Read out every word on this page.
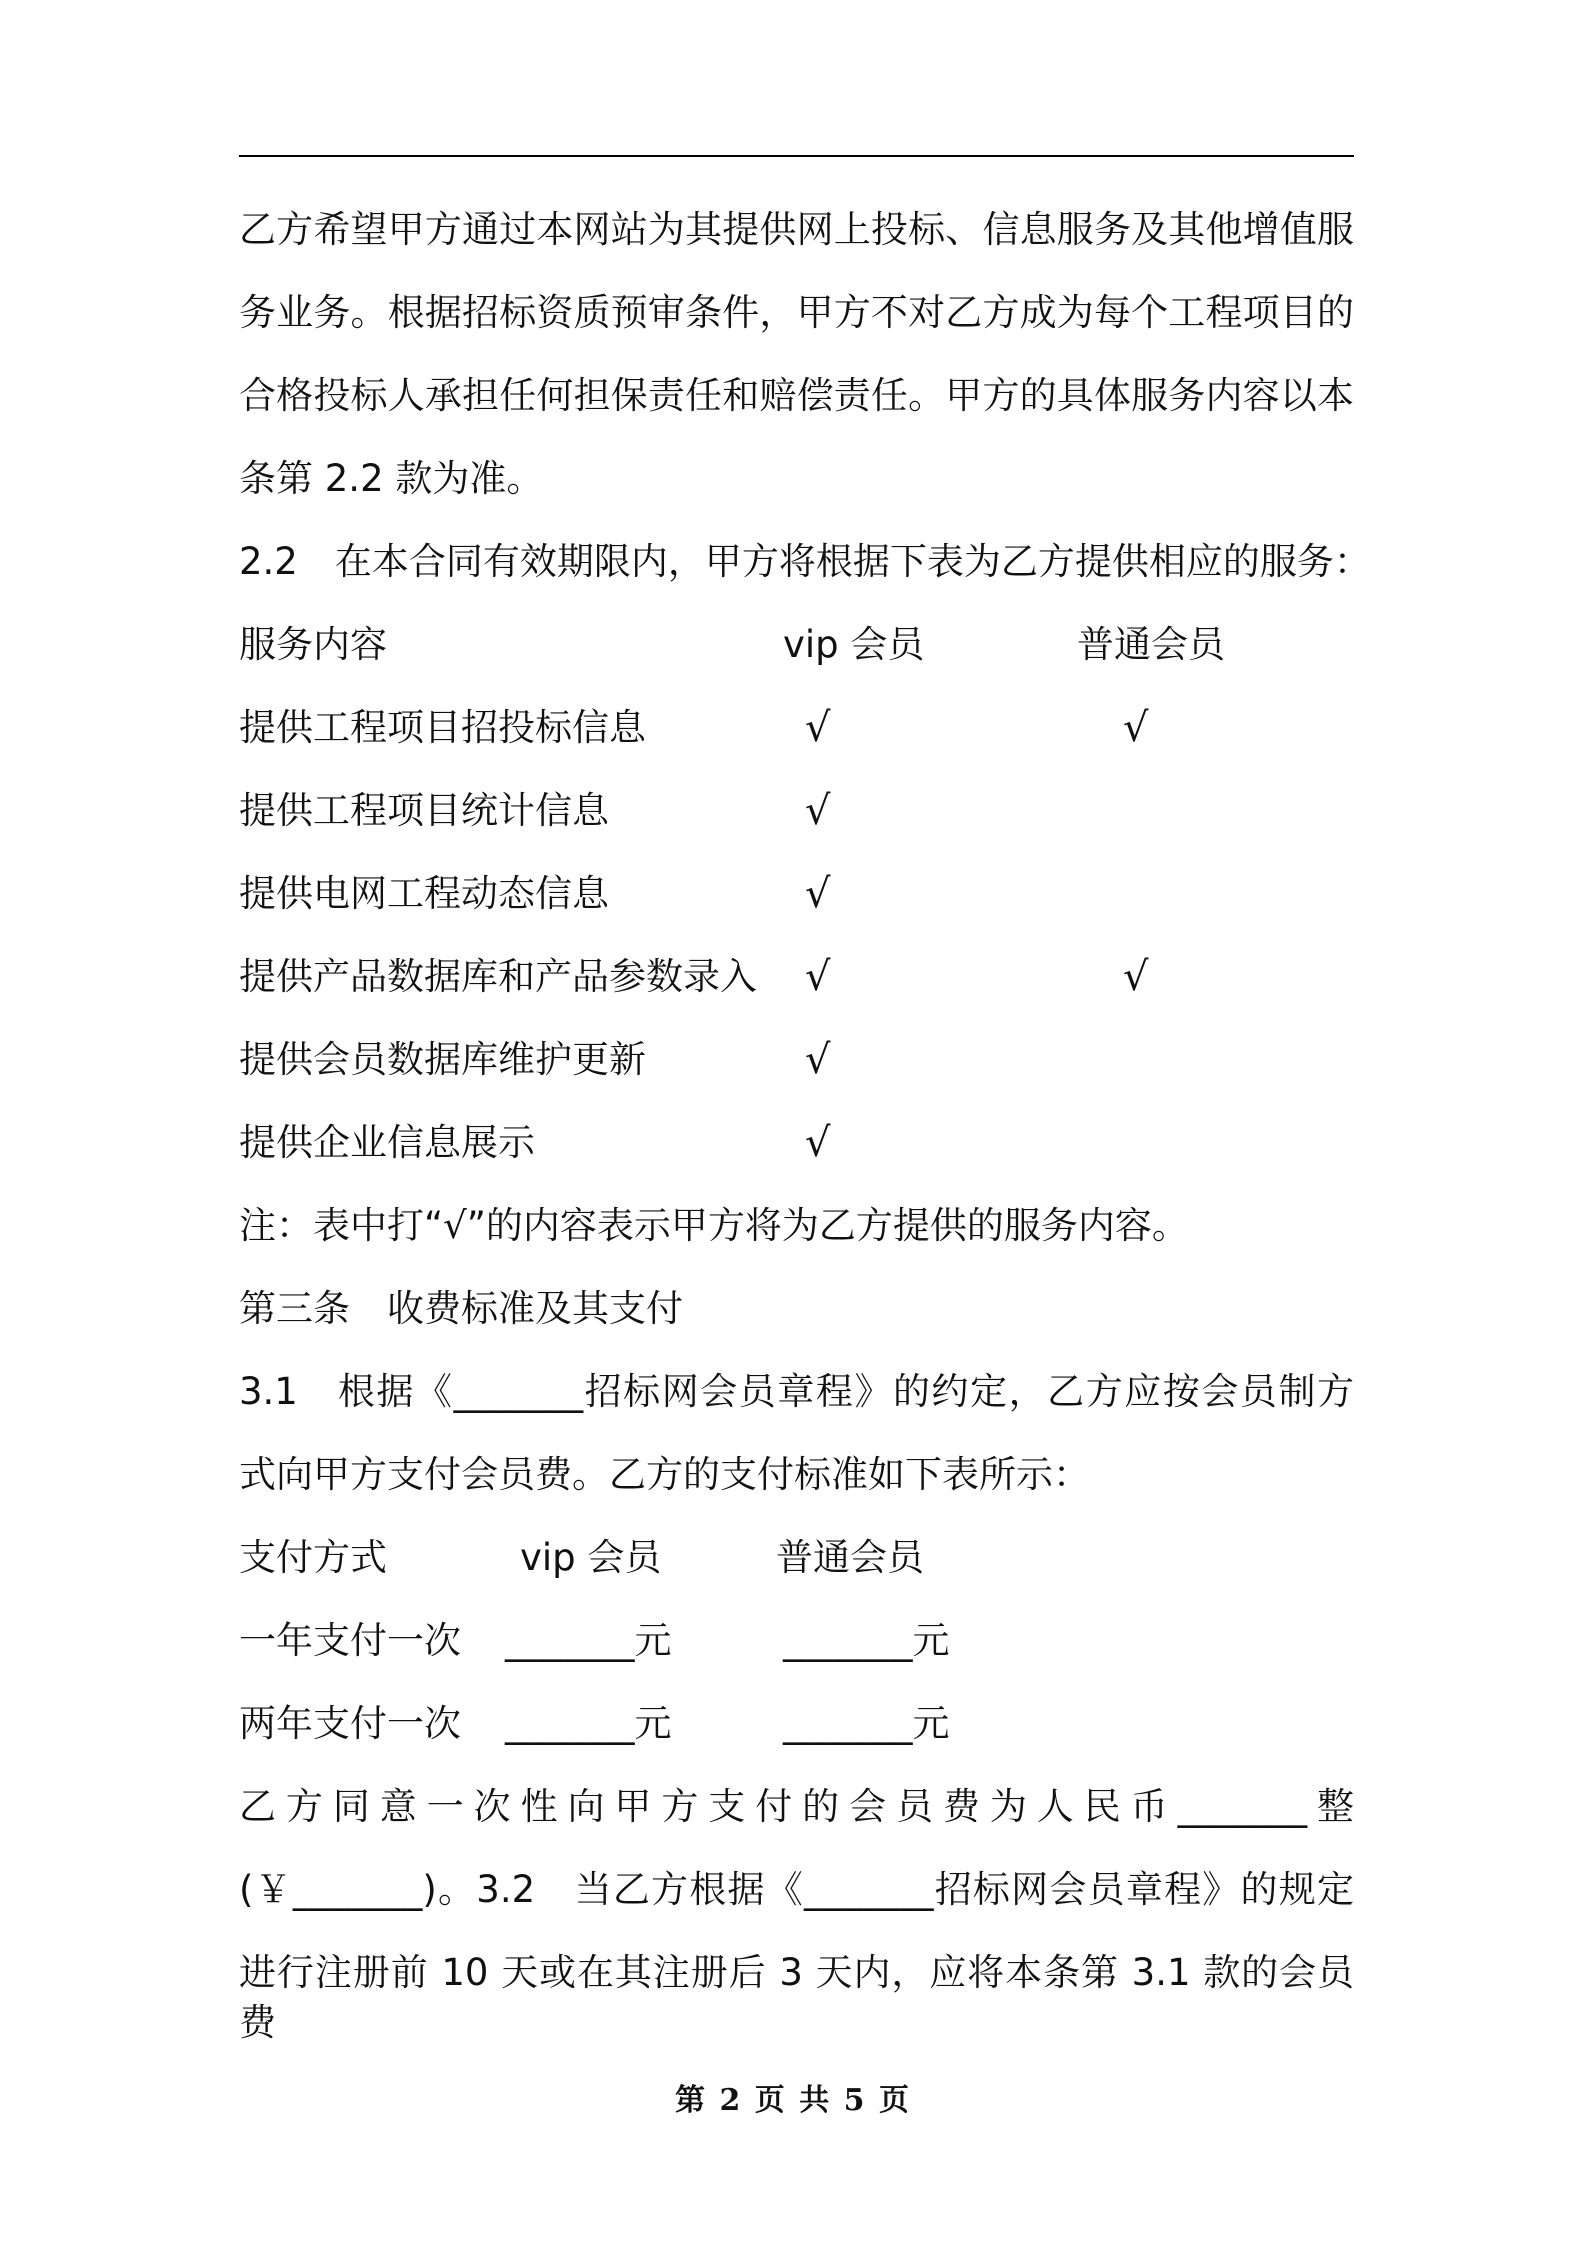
乙方希望甲方通过本网站为其提供网上投标、信息服务及其他增值服
务业务。根据招标资质预审条件，甲方不对乙方成为每个工程项目的
合格投标人承担任何担保责任和赔偿责任。甲方的具体服务内容以本
条第 2.2 款为准。
2.2　在本合同有效期限内，甲方将根据下表为乙方提供相应的服务：
服务内容	vip 会员	普通会员
提供工程项目招投标信息	√	√
提供工程项目统计信息	√
提供电网工程动态信息	√
提供产品数据库和产品参数录入 √	√
提供会员数据库维护更新	√
提供企业信息展示	√
注：表中打“√”的内容表示甲方将为乙方提供的服务内容。
第三条　收费标准及其支付
3.1　根据《_______招标网会员章程》的约定，乙方应按会员制方
式向甲方支付会员费。乙方的支付标准如下表所示：
支付方式	vip 会员	普通会员
一年支付一次 _______元	_______元
两年支付一次 _______元	_______元
乙方同意一次性向甲方支付的会员费为人民币_______整
(￥_______)。3.2　当乙方根据《_______招标网会员章程》的规定
进行注册前 10 天或在其注册后 3 天内，应将本条第 3.1 款的会员费
第 2 页 共 5 页
